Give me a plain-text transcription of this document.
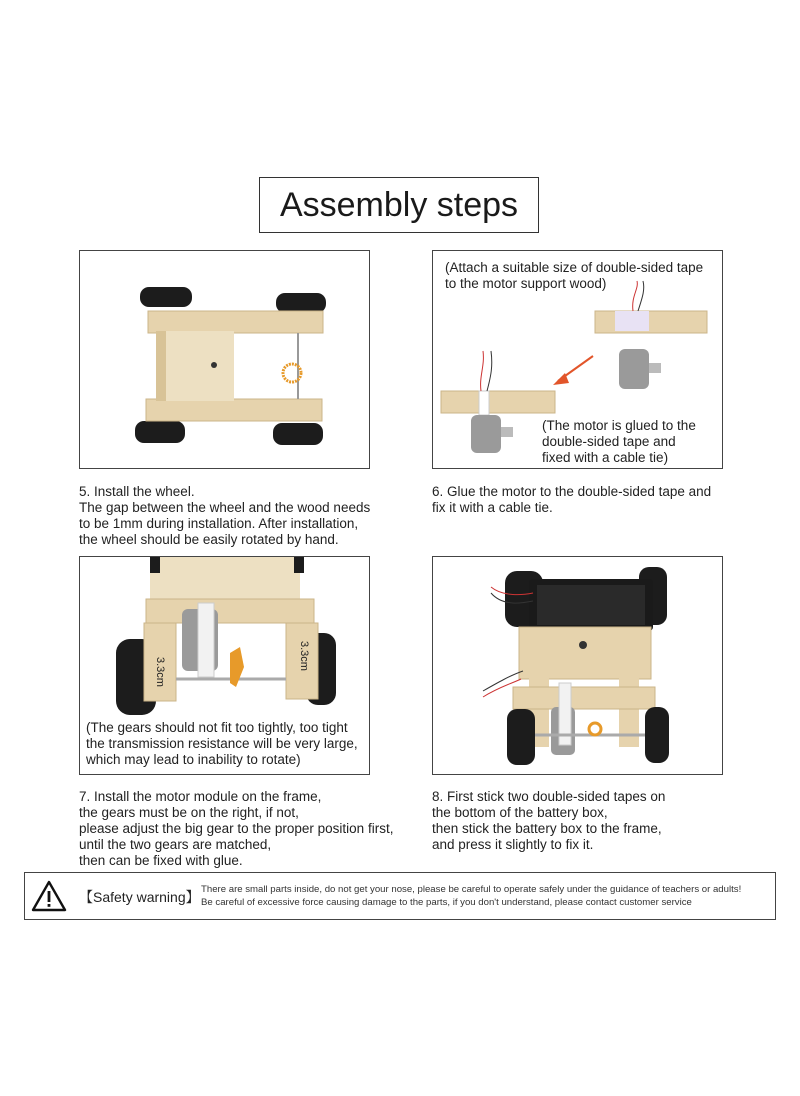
Assembly steps
(Attach a suitable size of double-sided tape
to the motor support wood)
(The motor is glued to the
double-sided tape and
fixed with a cable tie)
5. Install the wheel.
The gap between the wheel and the wood needs
to be 1mm during installation. After installation,
the wheel should be easily rotated by hand.
6. Glue the motor to the double-sided tape and
fix it with a cable tie.
3.3cm
3.3cm
(The gears should not fit too tightly, too tight
the transmission resistance will be very large,
which may lead to inability to rotate)
7. Install the motor module on the frame,
the gears must be on the right, if not,
please adjust the big gear to the proper position first,
until the two gears are matched,
then can be fixed with glue.
8. First stick two double-sided tapes on
the bottom of the battery box,
then stick the battery box to the frame,
and press it slightly to fix it.
【Safety warning】 There are small parts inside, do not get your nose, please be careful to operate safely under the guidance of teachers or adults!
Be careful of excessive force causing damage to the parts, if you don't understand, please contact customer service
